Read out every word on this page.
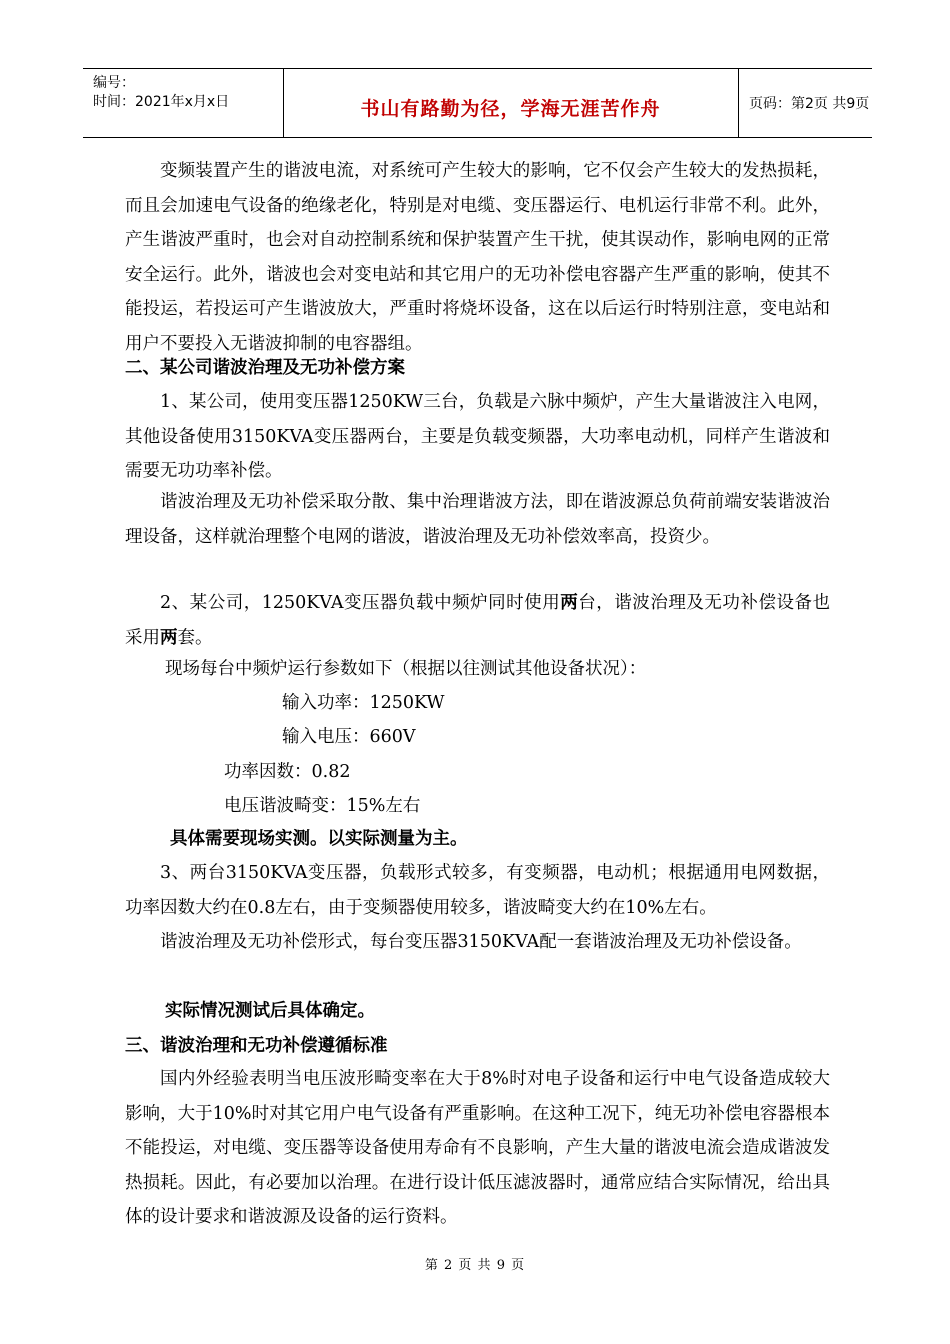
编号：
时间：2021年x月x日	书山有路勤为径，学海无涯苦作舟	页码：第2页 共9页

变频装置产生的谐波电流，对系统可产生较大的影响，它不仅会产生较大的发热损耗，而且会加速电气设备的绝缘老化，特别是对电缆、变压器运行、电机运行非常不利。此外，产生谐波严重时，也会对自动控制系统和保护装置产生干扰，使其误动作，影响电网的正常安全运行。此外，谐波也会对变电站和其它用户的无功补偿电容器产生严重的影响，使其不能投运，若投运可产生谐波放大，严重时将烧坏设备，这在以后运行时特别注意，变电站和用户不要投入无谐波抑制的电容器组。

二、某公司谐波治理及无功补偿方案

1、某公司，使用变压器1250KW三台，负载是六脉中频炉，产生大量谐波注入电网，其他设备使用3150KVA变压器两台，主要是负载变频器，大功率电动机，同样产生谐波和需要无功功率补偿。

谐波治理及无功补偿采取分散、集中治理谐波方法，即在谐波源总负荷前端安装谐波治理设备，这样就治理整个电网的谐波，谐波治理及无功补偿效率高，投资少。

2、某公司，1250KVA变压器负载中频炉同时使用两台，谐波治理及无功补偿设备也采用两套。

现场每台中频炉运行参数如下（根据以往测试其他设备状况）：

输入功率：1250KW

输入电压：660V

功率因数：0.82

电压谐波畸变：15%左右

具体需要现场实测。以实际测量为主。

3、两台3150KVA变压器，负载形式较多，有变频器，电动机；根据通用电网数据，功率因数大约在0.8左右，由于变频器使用较多，谐波畸变大约在10%左右。

谐波治理及无功补偿形式，每台变压器3150KVA配一套谐波治理及无功补偿设备。

实际情况测试后具体确定。

三、谐波治理和无功补偿遵循标准

国内外经验表明当电压波形畸变率在大于8%时对电子设备和运行中电气设备造成较大影响，大于10%时对其它用户电气设备有严重影响。在这种工况下，纯无功补偿电容器根本不能投运，对电缆、变压器等设备使用寿命有不良影响，产生大量的谐波电流会造成谐波发热损耗。因此，有必要加以治理。在进行设计低压滤波器时，通常应结合实际情况，给出具体的设计要求和谐波源及设备的运行资料。

第 2 页 共 9 页
